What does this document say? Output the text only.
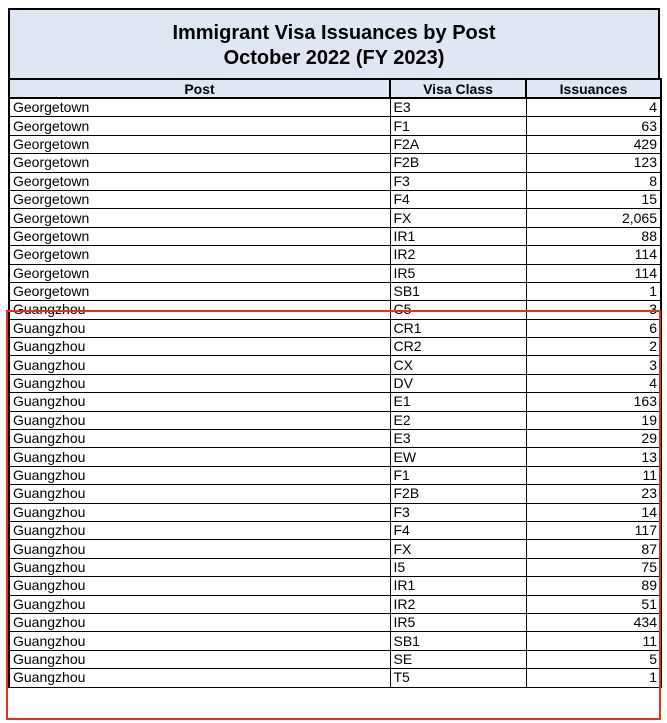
Immigrant Visa Issuances by Post
October 2022 (FY 2023)
Post	Visa Class	Issuances
Georgetown	E3	4
Georgetown	F1	63
Georgetown	F2A	429
Georgetown	F2B	123
Georgetown	F3	8
Georgetown	F4	15
Georgetown	FX	2,065
Georgetown	IR1	88
Georgetown	IR2	114
Georgetown	IR5	114
Georgetown	SB1	1
Guangzhou	C5	3
Guangzhou	CR1	6
Guangzhou	CR2	2
Guangzhou	CX	3
Guangzhou	DV	4
Guangzhou	E1	163
Guangzhou	E2	19
Guangzhou	E3	29
Guangzhou	EW	13
Guangzhou	F1	11
Guangzhou	F2B	23
Guangzhou	F3	14
Guangzhou	F4	117
Guangzhou	FX	87
Guangzhou	I5	75
Guangzhou	IR1	89
Guangzhou	IR2	51
Guangzhou	IR5	434
Guangzhou	SB1	11
Guangzhou	SE	5
Guangzhou	T5	1
